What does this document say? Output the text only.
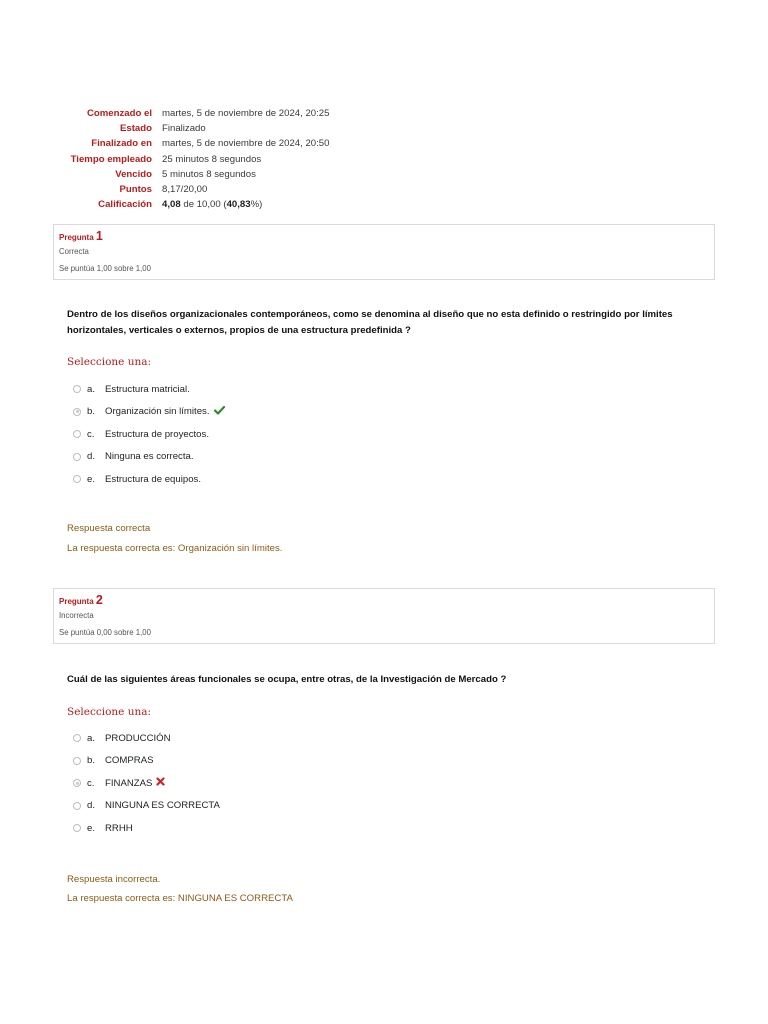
Comenzado el	martes, 5 de noviembre de 2024, 20:25
Estado	Finalizado
Finalizado en	martes, 5 de noviembre de 2024, 20:50
Tiempo empleado	25 minutos 8 segundos
Vencido	5 minutos 8 segundos
Puntos	8,17/20,00
Calificación	4,08 de 10,00 (40,83%)
Pregunta 1
Correcta
Se puntúa 1,00 sobre 1,00
Dentro de los diseños organizacionales contemporáneos, como se denomina al diseño que no esta definido o restringido por límites horizontales, verticales o externos, propios de una estructura predefinida ?
Seleccione una:
a.	Estructura matricial.
b.	Organización sin límites.
c.	Estructura de proyectos.
d.	Ninguna es correcta.
e.	Estructura de equipos.
Respuesta correcta
La respuesta correcta es: Organización sin límites.
Pregunta 2
Incorrecta
Se puntúa 0,00 sobre 1,00
Cuál de las siguientes áreas funcionales se ocupa, entre otras, de la Investigación de Mercado ?
Seleccione una:
a.	PRODUCCIÓN
b.	COMPRAS
c.	FINANZAS
d.	NINGUNA ES CORRECTA
e.	RRHH
Respuesta incorrecta.
La respuesta correcta es: NINGUNA ES CORRECTA
